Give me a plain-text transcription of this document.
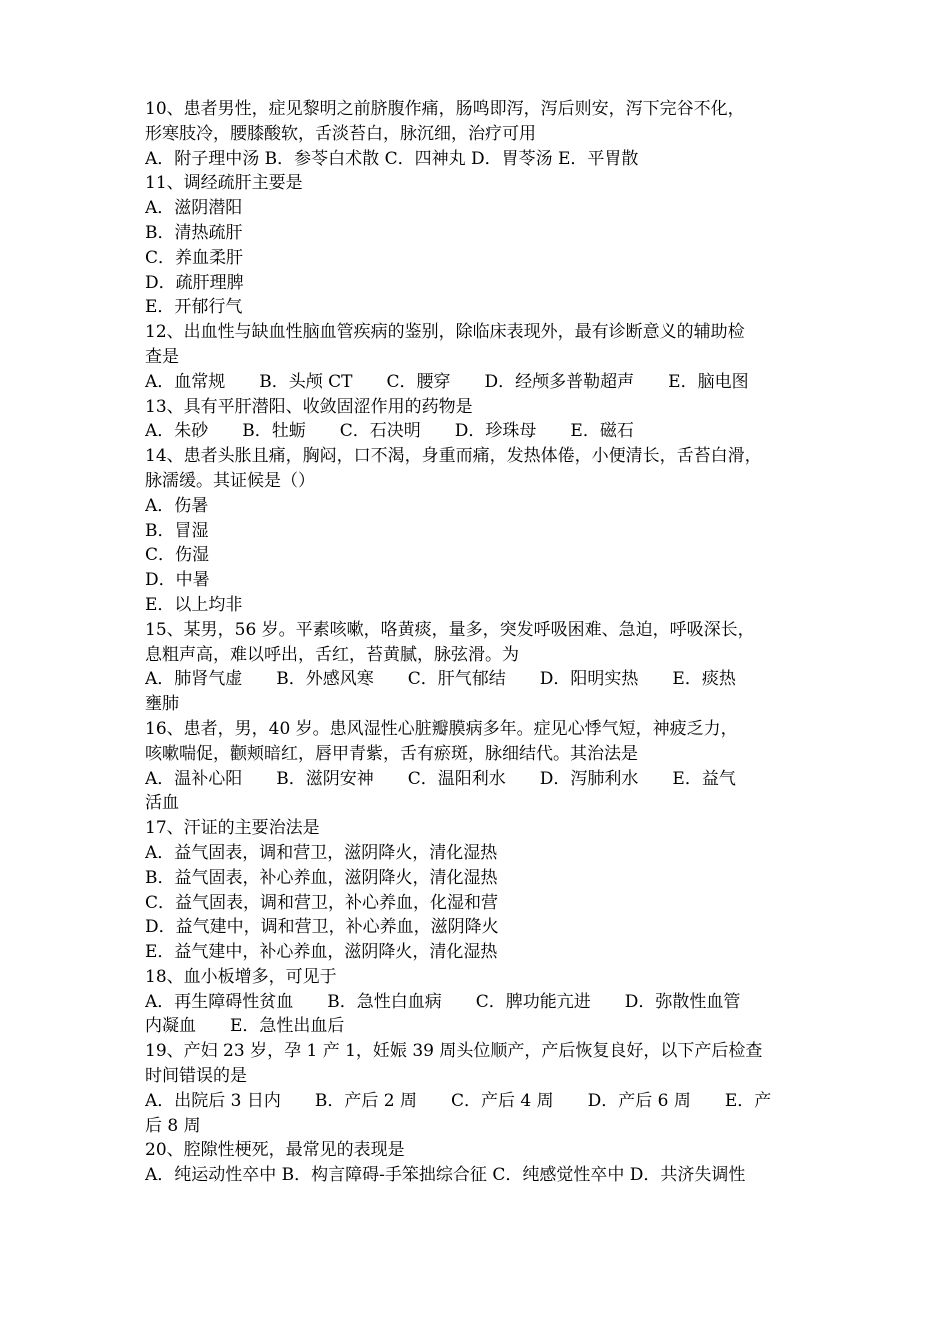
10、患者男性，症见黎明之前脐腹作痛，肠鸣即泻，泻后则安，泻下完谷不化，
形寒肢冷，腰膝酸软，舌淡苔白，脉沉细，治疗可用
A．附子理中汤 B．参苓白术散 C．四神丸 D．胃苓汤 E．平胃散
11、调经疏肝主要是
A．滋阴潜阳
B．清热疏肝
C．养血柔肝
D．疏肝理脾
E．开郁行气
12、出血性与缺血性脑血管疾病的鉴别，除临床表现外，最有诊断意义的辅助检
查是
A．血常规　　B．头颅 CT　　C．腰穿　　D．经颅多普勒超声　　E．脑电图
13、具有平肝潜阳、收敛固涩作用的药物是
A．朱砂　　B．牡蛎　　C．石决明　　D．珍珠母　　E．磁石
14、患者头胀且痛，胸闷，口不渴，身重而痛，发热体倦，小便清长，舌苔白滑，
脉濡缓。其证候是（）
A．伤暑
B．冒湿
C．伤湿
D．中暑
E．以上均非
15、某男，56 岁。平素咳嗽，咯黄痰，量多，突发呼吸困难、急迫，呼吸深长，
息粗声高，难以呼出，舌红，苔黄腻，脉弦滑。为
A．肺肾气虚　　B．外感风寒　　C．肝气郁结　　D．阳明实热　　E．痰热
壅肺
16、患者，男，40 岁。患风湿性心脏瓣膜病多年。症见心悸气短，神疲乏力，
咳嗽喘促，颧颊暗红，唇甲青紫，舌有瘀斑，脉细结代。其治法是
A．温补心阳　　B．滋阴安神　　C．温阳利水　　D．泻肺利水　　E．益气
活血
17、汗证的主要治法是
A．益气固表，调和营卫，滋阴降火，清化湿热
B．益气固表，补心养血，滋阴降火，清化湿热
C．益气固表，调和营卫，补心养血，化湿和营
D．益气建中，调和营卫，补心养血，滋阴降火
E．益气建中，补心养血，滋阴降火，清化湿热
18、血小板增多，可见于
A．再生障碍性贫血　　B．急性白血病　　C．脾功能亢进　　D．弥散性血管
内凝血　　E．急性出血后
19、产妇 23 岁，孕 1 产 1，妊娠 39 周头位顺产，产后恢复良好，以下产后检查
时间错误的是
A．出院后 3 日内　　B．产后 2 周　　C．产后 4 周　　D．产后 6 周　　E．产
后 8 周
20、腔隙性梗死，最常见的表现是
A．纯运动性卒中 B．构言障碍-手笨拙综合征 C．纯感觉性卒中 D．共济失调性
